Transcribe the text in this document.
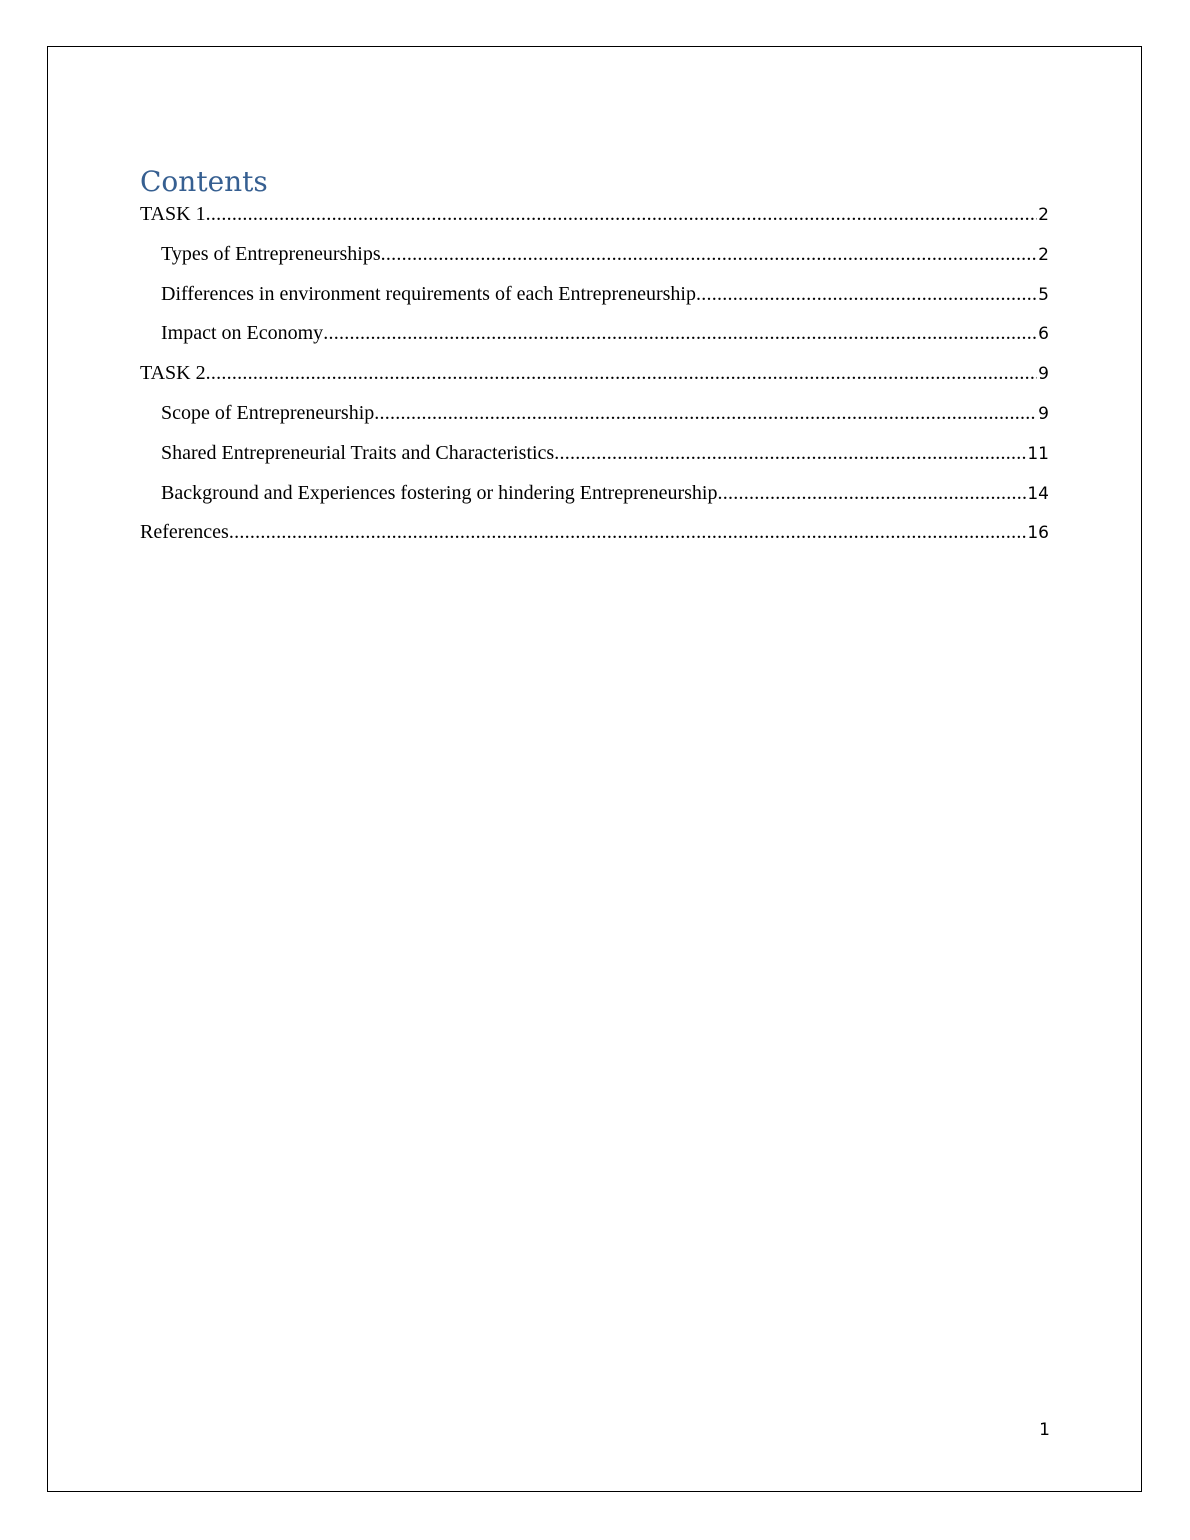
Contents
TASK 1 .....	2
Types of Entrepreneurships .....	2
Differences in environment requirements of each Entrepreneurship .....	5
Impact on Economy .....	6
TASK 2 .....	9
Scope of Entrepreneurship .....	9
Shared Entrepreneurial Traits and Characteristics .....	11
Background and Experiences fostering or hindering Entrepreneurship .....	14
References .....	16
1
